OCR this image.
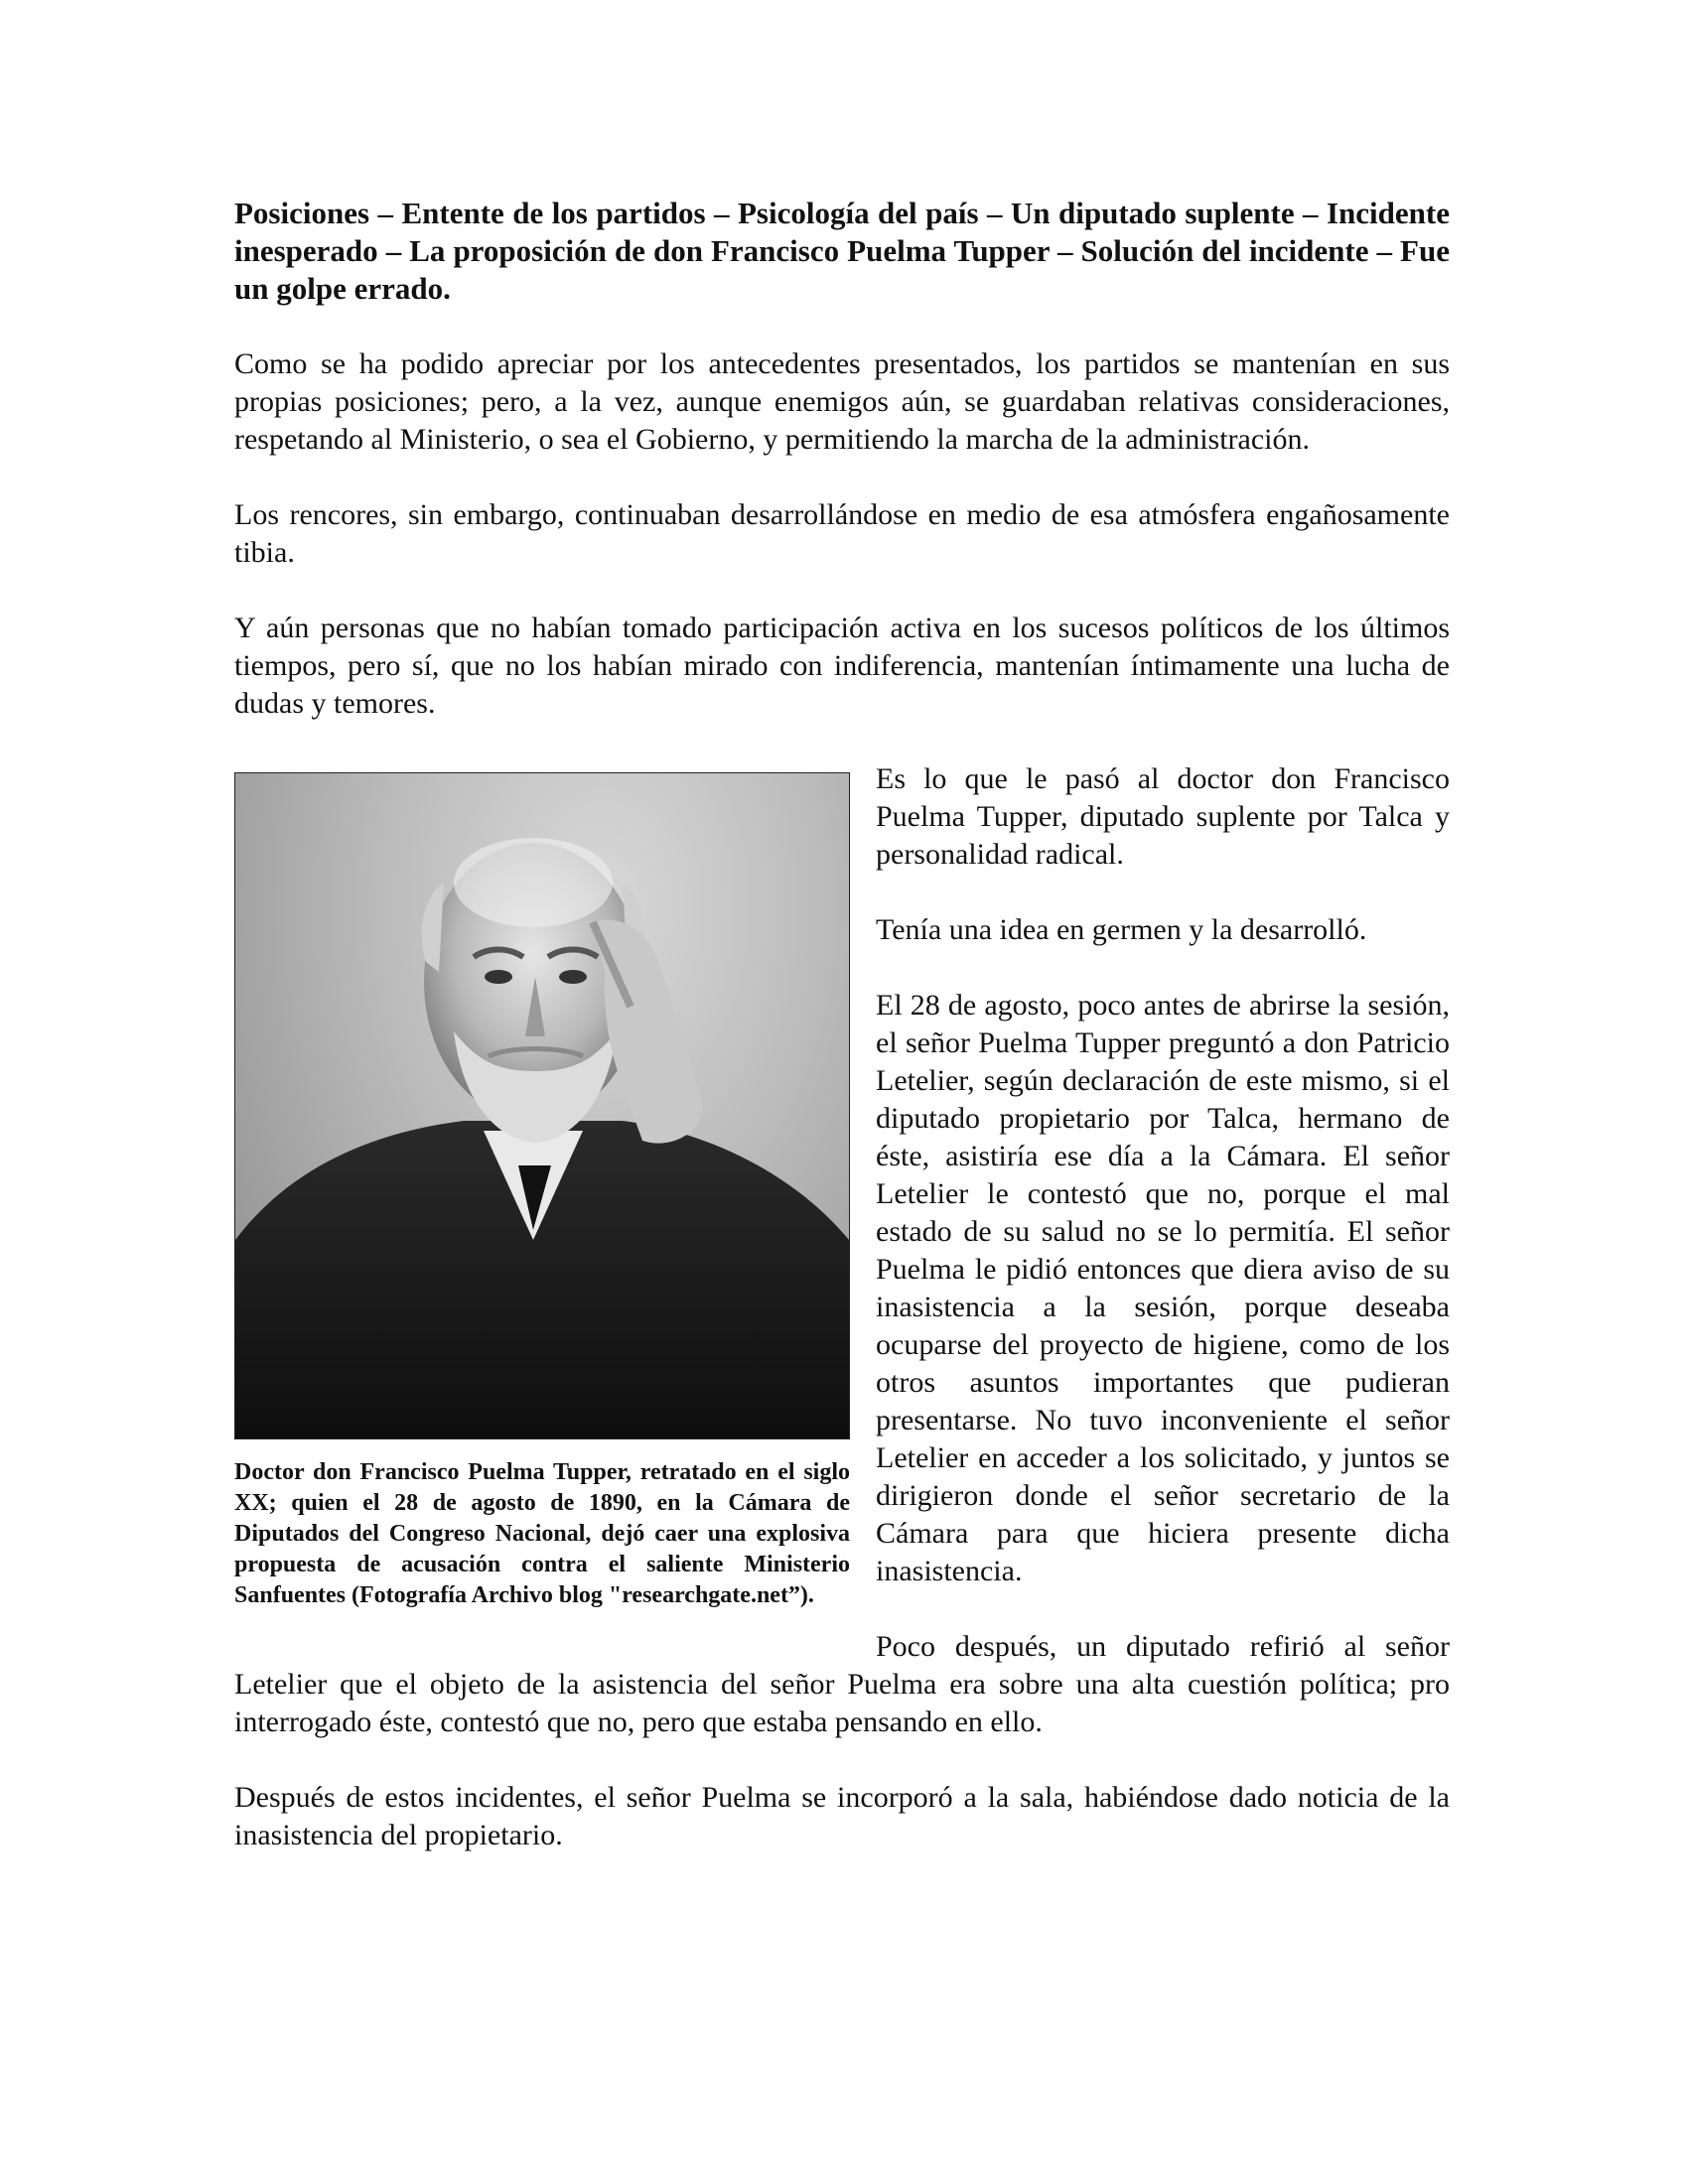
Posiciones – Entente de los partidos – Psicología del país – Un diputado suplente – Incidente inesperado – La proposición de don Francisco Puelma Tupper – Solución del incidente – Fue un golpe errado.

Como se ha podido apreciar por los antecedentes presentados, los partidos se mantenían en sus propias posiciones; pero, a la vez, aunque enemigos aún, se guardaban relativas consideraciones, respetando al Ministerio, o sea el Gobierno, y permitiendo la marcha de la administración.

Los rencores, sin embargo, continuaban desarrollándose en medio de esa atmósfera engañosamente tibia.

Y aún personas que no habían tomado participación activa en los sucesos políticos de los últimos tiempos, pero sí, que no los habían mirado con indiferencia, mantenían íntimamente una lucha de dudas y temores.

Doctor don Francisco Puelma Tupper, retratado en el siglo XX; quien el 28 de agosto de 1890, en la Cámara de Diputados del Congreso Nacional, dejó caer una explosiva propuesta de acusación contra el saliente Ministerio Sanfuentes (Fotografía Archivo blog "researchgate.net”).

Es lo que le pasó al doctor don Francisco Puelma Tupper, diputado suplente por Talca y personalidad radical.

Tenía una idea en germen y la desarrolló.

El 28 de agosto, poco antes de abrirse la sesión, el señor Puelma Tupper preguntó a don Patricio Letelier, según declaración de este mismo, si el diputado propietario por Talca, hermano de éste, asistiría ese día a la Cámara. El señor Letelier le contestó que no, porque el mal estado de su salud no se lo permitía. El señor Puelma le pidió entonces que diera aviso de su inasistencia a la sesión, porque deseaba ocuparse del proyecto de higiene, como de los otros asuntos importantes que pudieran presentarse. No tuvo inconveniente el señor Letelier en acceder a los solicitado, y juntos se dirigieron donde el señor secretario de la Cámara para que hiciera presente dicha inasistencia.

Poco después, un diputado refirió al señor Letelier que el objeto de la asistencia del señor Puelma era sobre una alta cuestión política; pro interrogado éste, contestó que no, pero que estaba pensando en ello.

Después de estos incidentes, el señor Puelma se incorporó a la sala, habiéndose dado noticia de la inasistencia del propietario.
